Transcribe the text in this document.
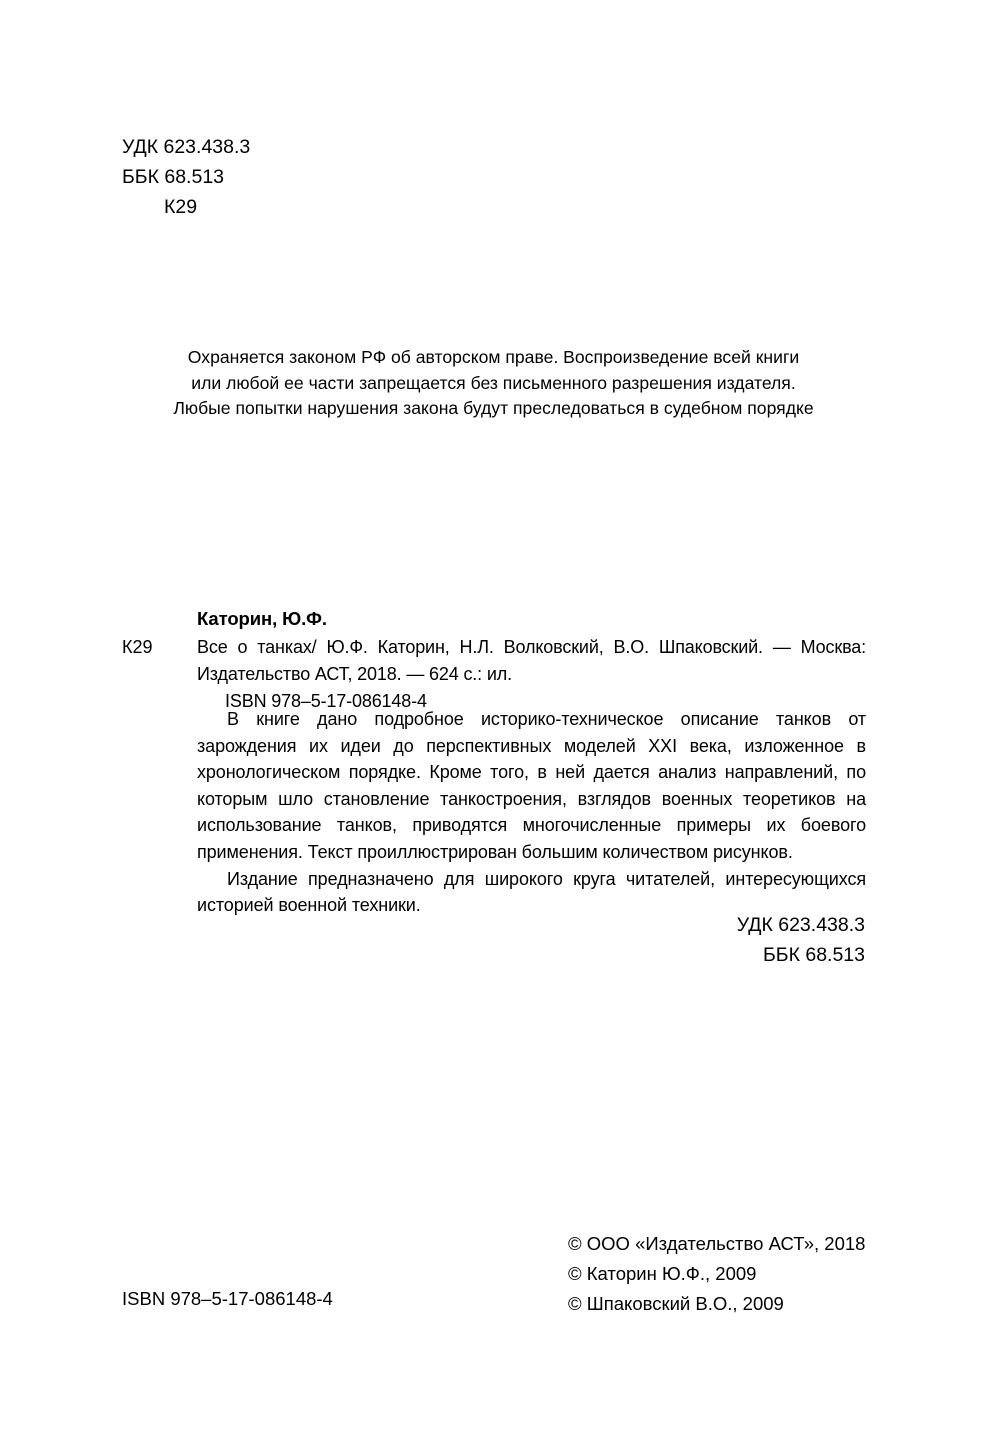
УДК 623.438.3
ББК 68.513
К29
Охраняется законом РФ об авторском праве. Воспроизведение всей книги
или любой ее части запрещается без письменного разрешения издателя.
Любые попытки нарушения закона будут преследоваться в судебном порядке
Каторин, Ю.Ф.
К29 Все о танках/ Ю.Ф. Каторин, Н.Л. Волковский, В.О. Шпаковский. — Москва: Издательство АСТ, 2018. — 624 с.: ил.
ISBN 978–5-17-086148-4

В книге дано подробное историко-техническое описание танков от зарождения их идеи до перспективных моделей XXI века, изложенное в хронологическом порядке. Кроме того, в ней дается анализ направлений, по которым шло становление танкостроения, взглядов военных теоретиков на использование танков, приводятся многочисленные примеры их боевого применения. Текст проиллюстрирован большим количеством рисунков.

Издание предназначено для широкого круга читателей, интересующихся историей военной техники.

УДК 623.438.3
ББК 68.513
© ООО «Издательство АСТ», 2018
© Каторин Ю.Ф., 2009
© Шпаковский В.О., 2009
ISBN 978–5-17-086148-4
